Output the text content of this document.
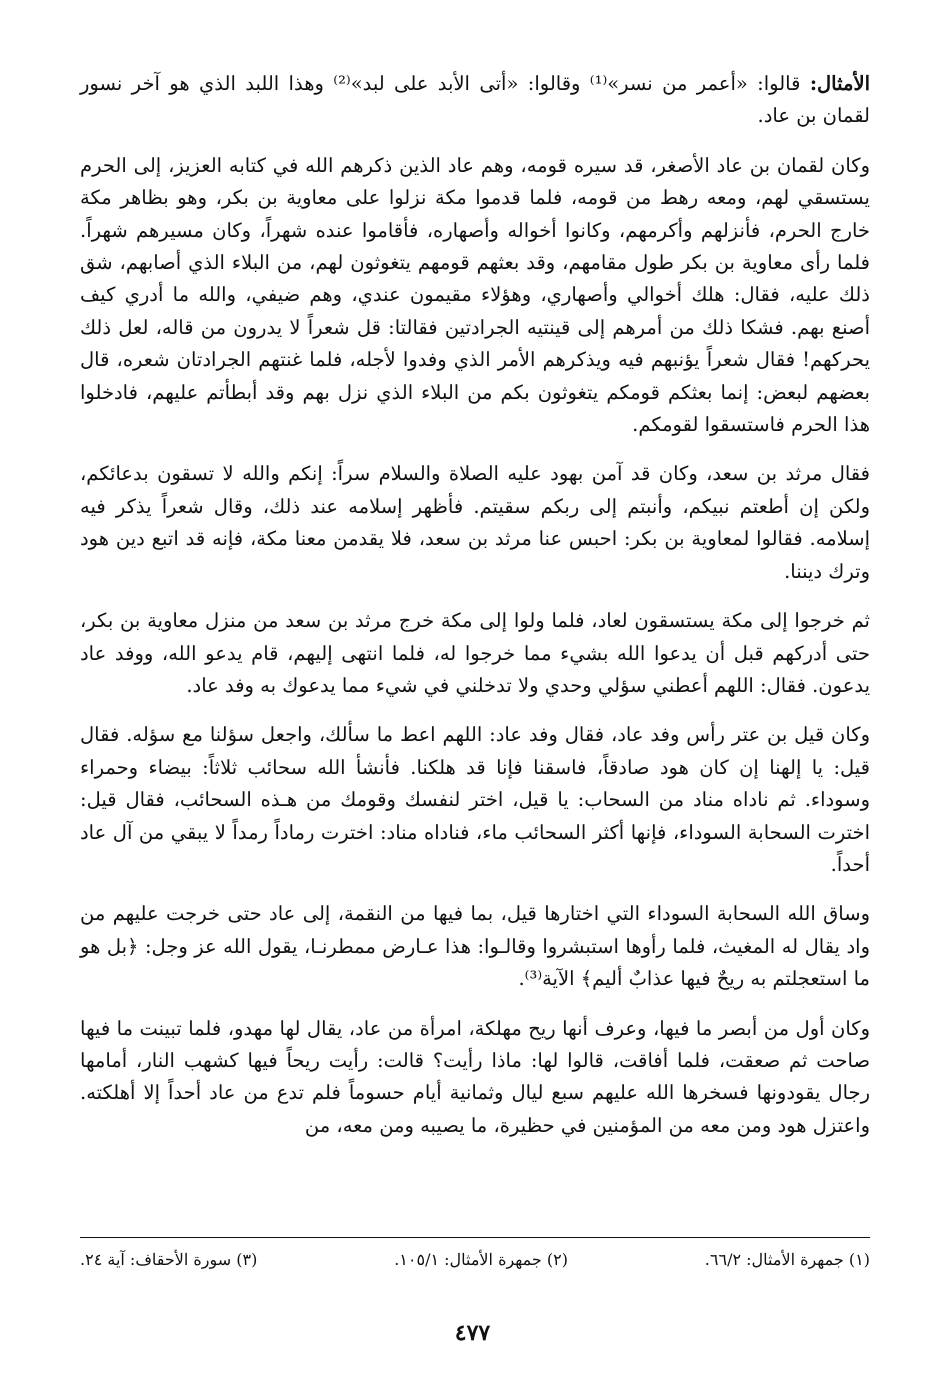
الأمثال: قالوا: «أعمر من نسر»⁽¹⁾ وقالوا: «أتى الأبد على لبد»⁽²⁾ وهذا اللبد الذي هو آخر نسور لقمان بن عاد.

وكان لقمان بن عاد الأصغر، قد سيره قومه، وهم عاد الذين ذكرهم الله في كتابه العزيز، إلى الحرم يستسقي لهم، ومعه رهط من قومه، فلما قدموا مكة نزلوا على معاوية بن بكر، وهو بظاهر مكة خارج الحرم، فأنزلهم وأكرمهم، وكانوا أخواله وأصهاره، فأقاموا عنده شهراً، وكان مسيرهم شهراً. فلما رأى معاوية بن بكر طول مقامهم، وقد بعثهم قومهم يتغوثون لهم، من البلاء الذي أصابهم، شق ذلك عليه، فقال: هلك أخوالي وأصهاري، وهؤلاء مقيمون عندي، وهم ضيفي، والله ما أدري كيف أصنع بهم. فشكا ذلك من أمرهم إلى قينتيه الجرادتين فقالتا: قل شعراً لا يدرون من قاله، لعل ذلك يحركهم! فقال شعراً يؤنبهم فيه ويذكرهم الأمر الذي وفدوا لأجله، فلما غنتهم الجرادتان شعره، قال بعضهم لبعض: إنما بعثكم قومكم يتغوثون بكم من البلاء الذي نزل بهم وقد أبطأتم عليهم، فادخلوا هذا الحرم فاستسقوا لقومكم.

فقال مرثد بن سعد، وكان قد آمن بهود عليه الصلاة والسلام سراً: إنكم والله لا تسقون بدعائكم، ولكن إن أطعتم نبيكم، وأنبتم إلى ربكم سقيتم. فأظهر إسلامه عند ذلك، وقال شعراً يذكر فيه إسلامه. فقالوا لمعاوية بن بكر: احبس عنا مرثد بن سعد، فلا يقدمن معنا مكة، فإنه قد اتبع دين هود وترك ديننا.

ثم خرجوا إلى مكة يستسقون لعاد، فلما ولوا إلى مكة خرج مرثد بن سعد من منزل معاوية بن بكر، حتى أدركهم قبل أن يدعوا الله بشيء مما خرجوا له، فلما انتهى إليهم، قام يدعو الله، ووفد عاد يدعون. فقال: اللهم أعطني سؤلي وحدي ولا تدخلني في شيء مما يدعوك به وفد عاد.

وكان قيل بن عتر رأس وفد عاد، فقال وفد عاد: اللهم اعط ما سألك، واجعل سؤلنا مع سؤله. فقال قيل: يا إلهنا إن كان هود صادقاً، فاسقنا فإنا قد هلكنا. فأنشأ الله سحائب ثلاثاً: بيضاء وحمراء وسوداء. ثم ناداه مناد من السحاب: يا قيل، اختر لنفسك وقومك من هـذه السحائب، فقال قيل: اخترت السحابة السوداء، فإنها أكثر السحائب ماء، فناداه مناد: اخترت رماداً رمداً لا يبقي من آل عاد أحداً.

وساق الله السحابة السوداء التي اختارها قيل، بما فيها من النقمة، إلى عاد حتى خرجت عليهم من واد يقال له المغيث، فلما رأوها استبشروا وقالـوا: هذا عـارض ممطرنـا، يقول الله عز وجل: ﴿بل هو ما استعجلتم به ريحٌ فيها عذابٌ أليم﴾ الآية⁽³⁾.

وكان أول من أبصر ما فيها، وعرف أنها ريح مهلكة، امرأة من عاد، يقال لها مهدو، فلما تبينت ما فيها صاحت ثم صعقت، فلما أفاقت، قالوا لها: ماذا رأيت؟ قالت: رأيت ريحاً فيها كشهب النار، أمامها رجال يقودونها فسخرها الله عليهم سبع ليال وثمانية أيام حسوماً فلم تدع من عاد أحداً إلا أهلكته. واعتزل هود ومن معه من المؤمنين في حظيرة، ما يصيبه ومن معه، من

(١) جمهرة الأمثال: ٦٦/٢.
(٢) جمهرة الأمثال: ١٠٥/١.
(٣) سورة الأحقاف: آية ٢٤.
٤٧٧
